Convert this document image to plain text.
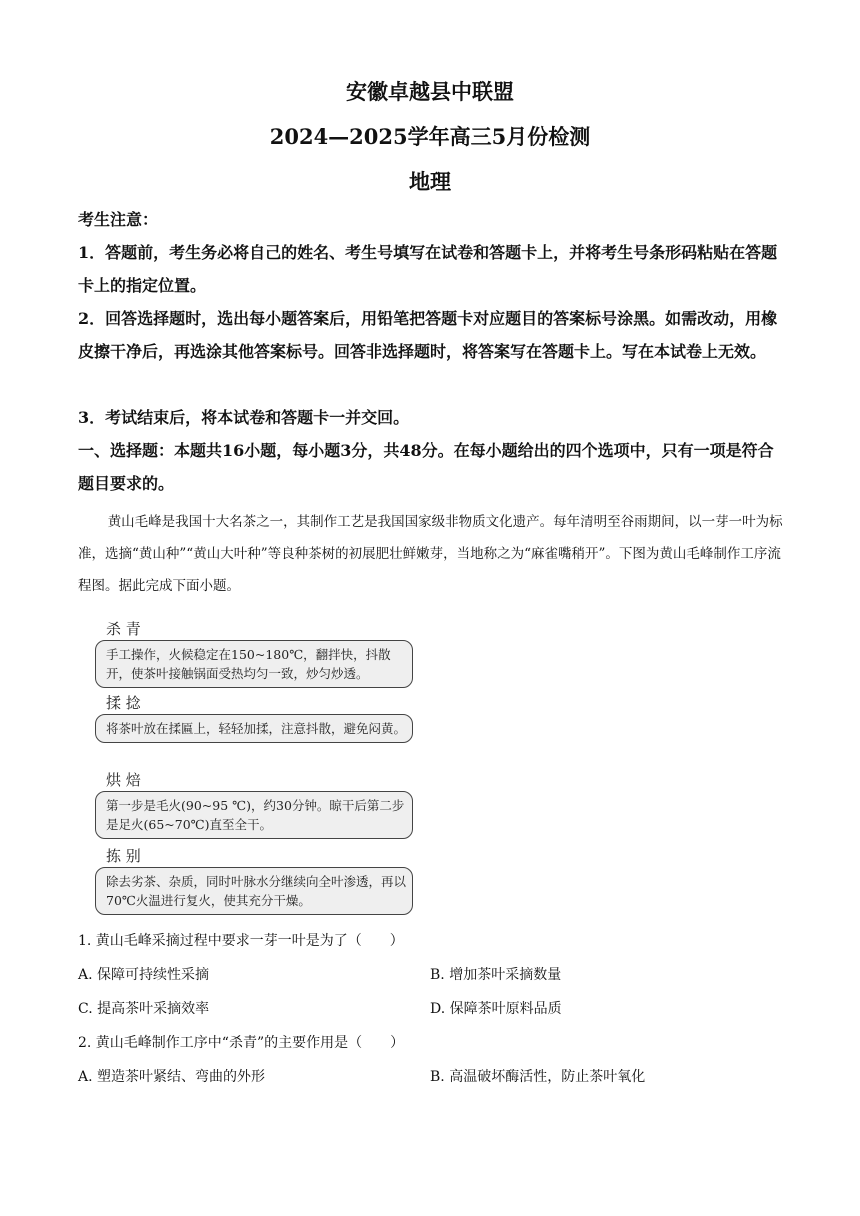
安徽卓越县中联盟
2024—2025学年高三5月份检测
地理
考生注意：
1．答题前，考生务必将自己的姓名、考生号填写在试卷和答题卡上，并将考生号条形码粘贴在答题卡上的指定位置。
2．回答选择题时，选出每小题答案后，用铅笔把答题卡对应题目的答案标号涂黑。如需改动，用橡皮擦干净后，再选涂其他答案标号。回答非选择题时，将答案写在答题卡上。写在本试卷上无效。
3．考试结束后，将本试卷和答题卡一并交回。
一、选择题：本题共16小题，每小题3分，共48分。在每小题给出的四个选项中，只有一项是符合题目要求的。
黄山毛峰是我国十大名茶之一，其制作工艺是我国国家级非物质文化遗产。每年清明至谷雨期间，以一芽一叶为标准，选摘“黄山种”“黄山大叶种”等良种茶树的初展肥壮鲜嫩芽，当地称之为“麻雀嘴稍开”。下图为黄山毛峰制作工序流程图。据此完成下面小题。
杀 青
手工操作，火候稳定在150~180℃，翻拌快，抖散开，使茶叶接触锅面受热均匀一致，炒匀炒透。
揉 捻
将茶叶放在揉匾上，轻轻加揉，注意抖散，避免闷黄。
烘 焙
第一步是毛火(90~95 ℃)，约30分钟。晾干后第二步是足火(65~70℃)直至全干。
拣 别
除去劣茶、杂质，同时叶脉水分继续向全叶渗透，再以70℃火温进行复火，使其充分干燥。
1. 黄山毛峰采摘过程中要求一芽一叶是为了（　　）
A. 保障可持续性采摘	B. 增加茶叶采摘数量
C. 提高茶叶采摘效率	D. 保障茶叶原料品质
2. 黄山毛峰制作工序中“杀青”的主要作用是（　　）
A. 塑造茶叶紧结、弯曲的外形	B. 高温破坏酶活性，防止茶叶氧化
